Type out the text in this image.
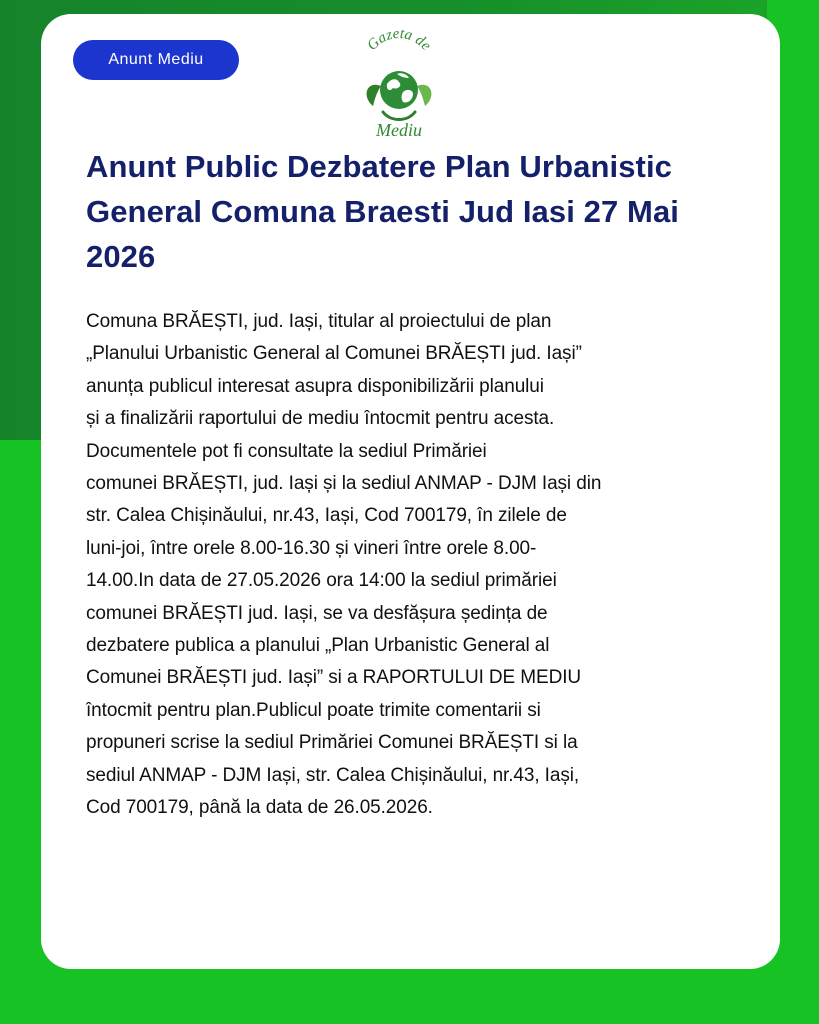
Anunt Mediu
Gazeta de
Mediu
Anunt Public Dezbatere Plan Urbanistic General Comuna Braesti Jud Iasi 27 Mai 2026

Comuna BRĂEȘTI, jud. Iași, titular al proiectului de plan
„Planului Urbanistic General al Comunei BRĂEȘTI jud. Iași”
anunța publicul interesat asupra disponibilizării planului
și a finalizării raportului de mediu întocmit pentru acesta.
Documentele pot fi consultate la sediul Primăriei
comunei BRĂEȘTI, jud. Iași și la sediul ANMAP - DJM Iași din
str. Calea Chișinăului, nr.43, Iași, Cod 700179, în zilele de
luni-joi, între orele 8.00-16.30 și vineri între orele 8.00-
14.00.In data de 27.05.2026 ora 14:00 la sediul primăriei
comunei BRĂEȘTI jud. Iași, se va desfășura ședința de
dezbatere publica a planului „Plan Urbanistic General al
Comunei BRĂEȘTI jud. Iași” si a RAPORTULUI DE MEDIU
întocmit pentru plan.Publicul poate trimite comentarii si
propuneri scrise la sediul Primăriei Comunei BRĂEȘTI si la
sediul ANMAP - DJM Iași, str. Calea Chișinăului, nr.43, Iași,
Cod 700179, până la data de 26.05.2026.
